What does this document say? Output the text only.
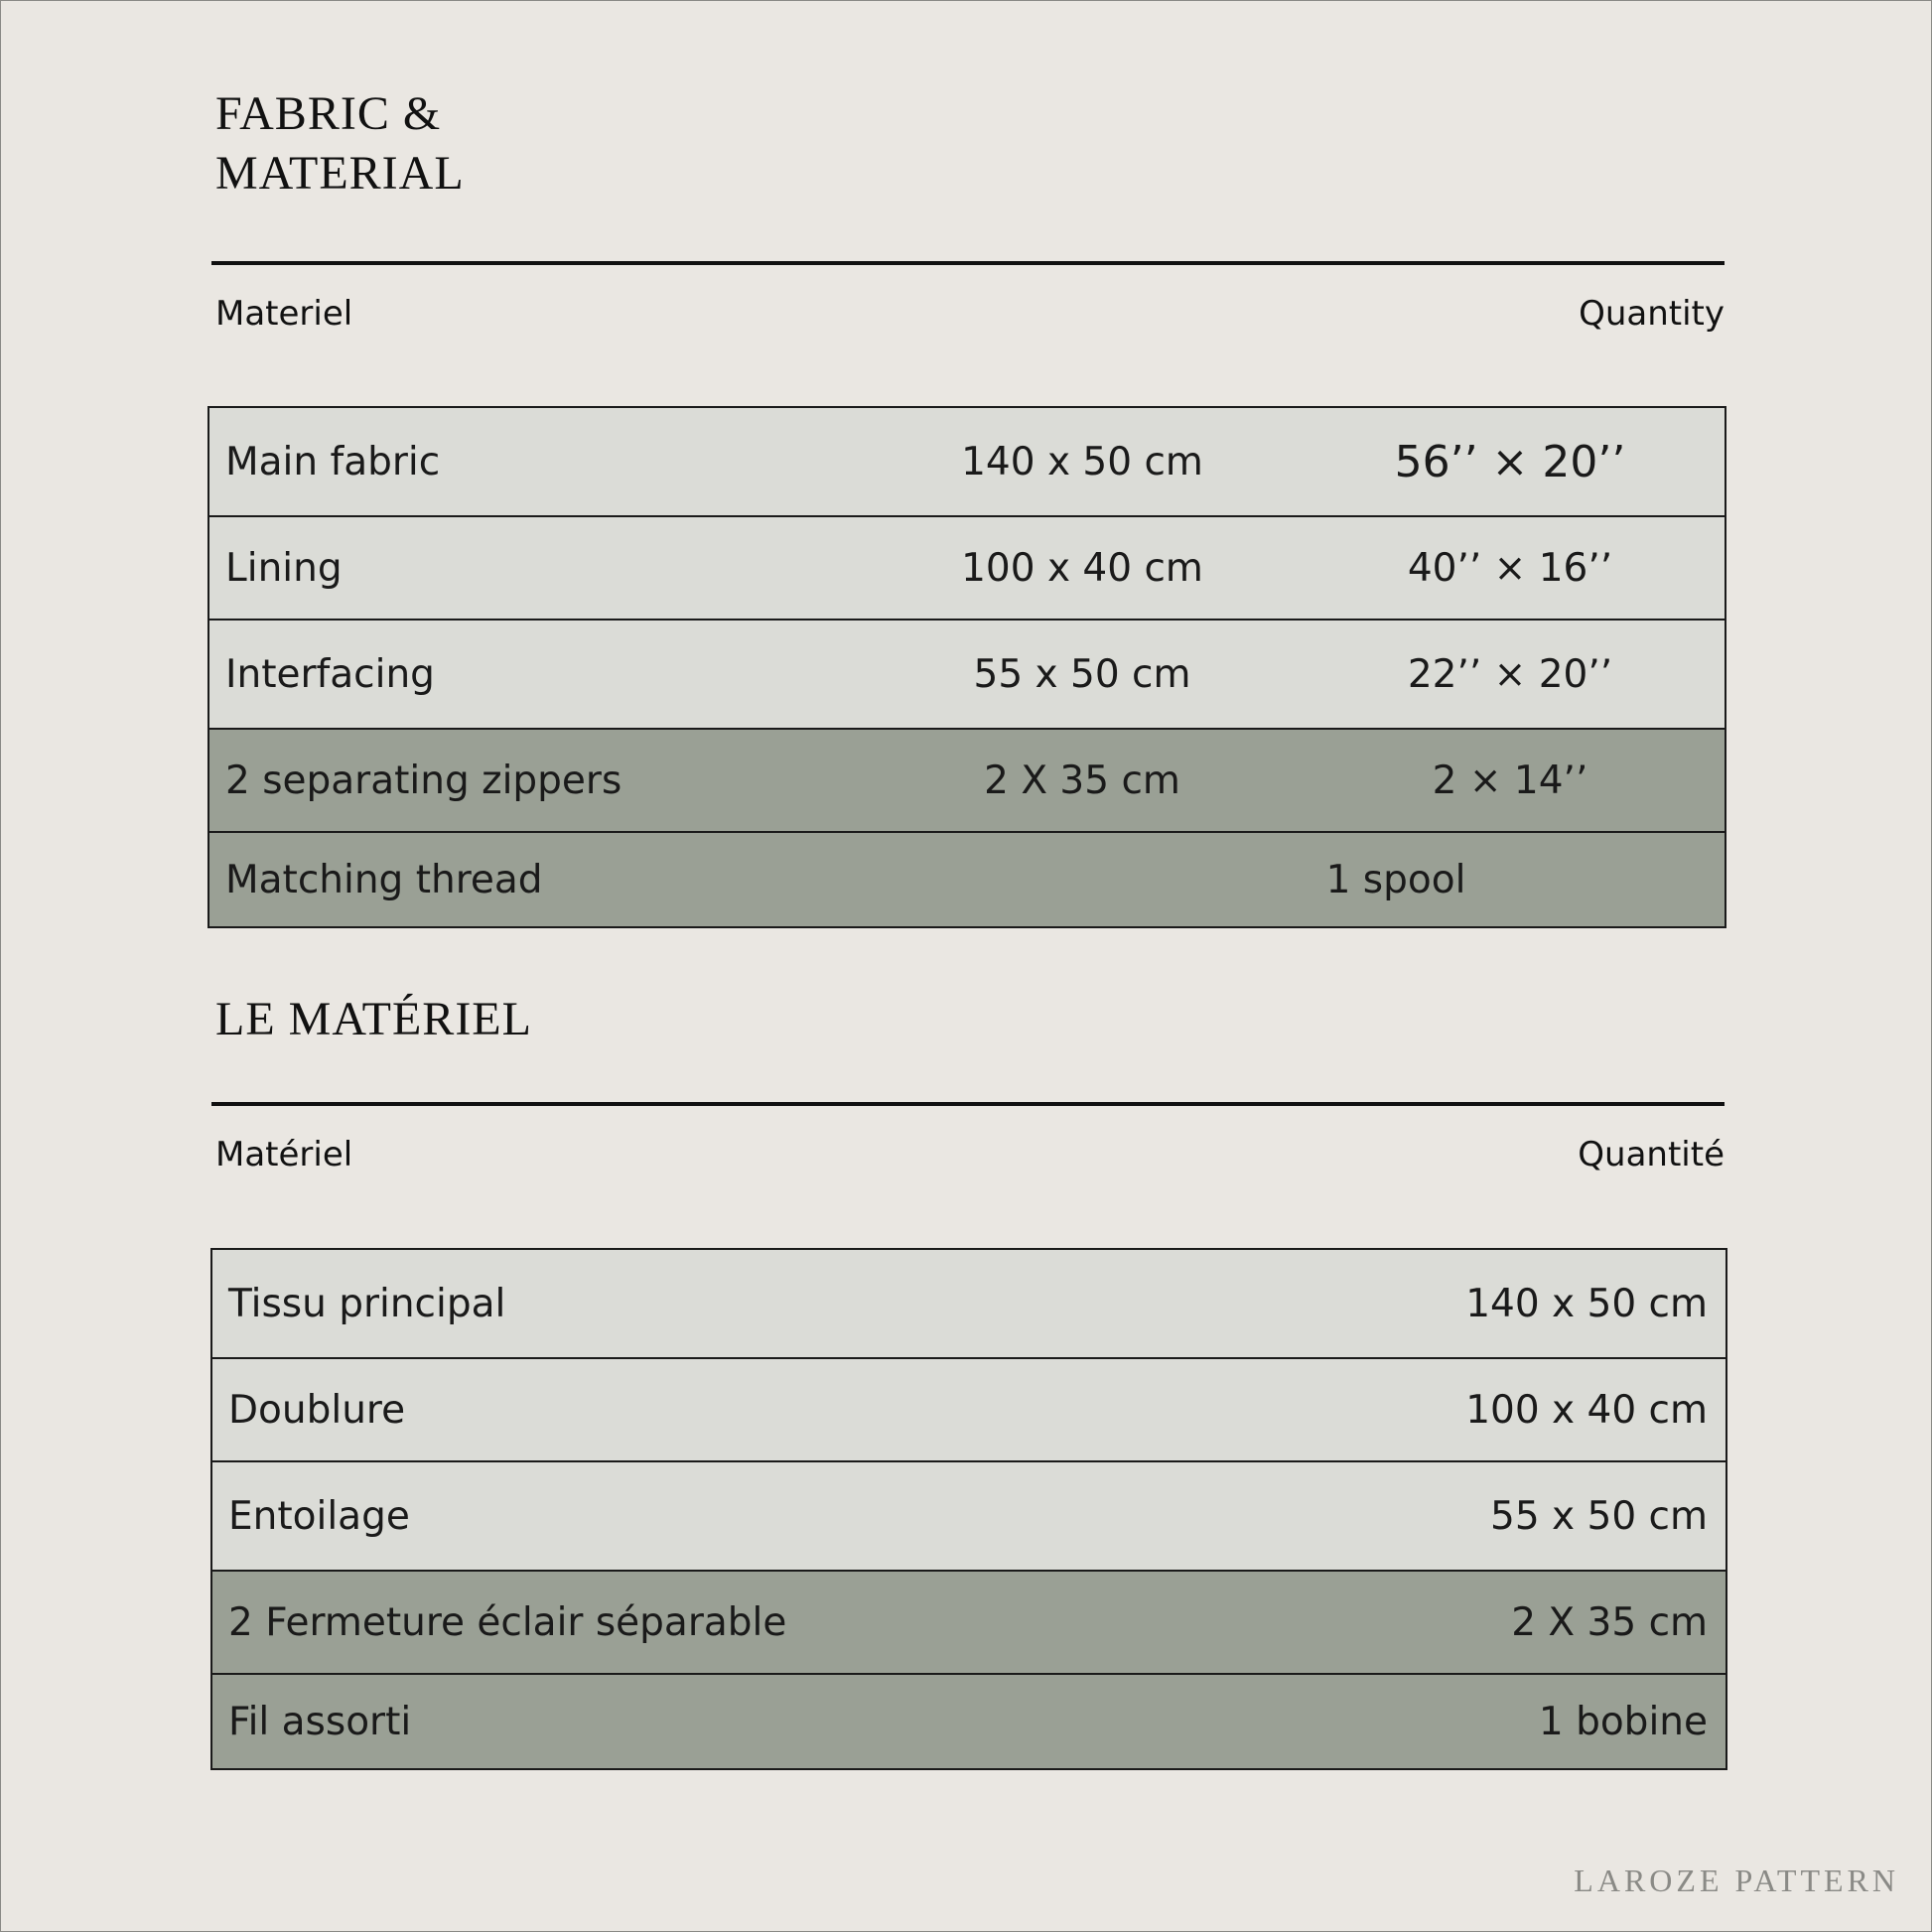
FABRIC &
MATERIAL
Materiel	Quantity
Main fabric	140 x 50 cm	56’’ × 20’’
Lining	100 x 40 cm	40’’ × 16’’
Interfacing	55 x 50 cm	22’’ × 20’’
2 separating zippers	2 X 35 cm	2 × 14’’
Matching thread	1 spool	
LE MATÉRIEL
Matériel	Quantité
Tissu principal	140 x 50 cm
Doublure	100 x 40 cm
Entoilage	55 x 50 cm
2 Fermeture éclair séparable	2 X 35 cm
Fil assorti	1 bobine
LAROZE PATTERN
